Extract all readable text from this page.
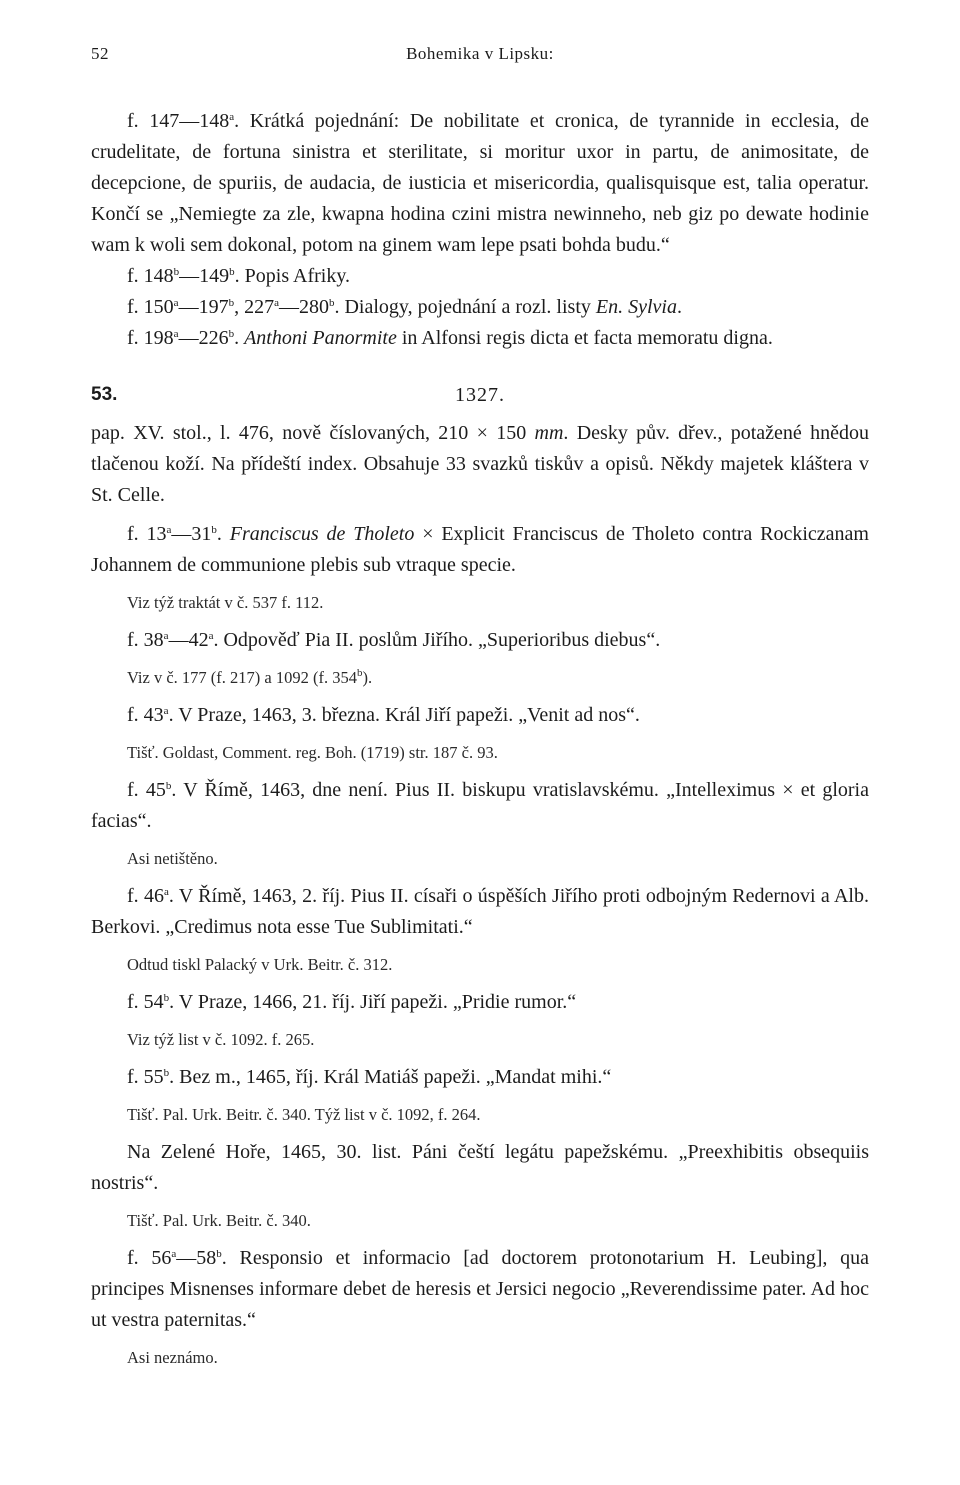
52	Bohemika v Lipsku:

f. 147—148$^a$. Krátká pojednání: De nobilitate et cronica, de tyrannide in ecclesia, de crudelitate, de fortuna sinistra et sterilitate, si moritur uxor in partu, de animositate, de decepcione, de spuriis, de audacia, de iusticia et misericordia, qualisquisque est, talia operatur. Končí se „Nemiegte za zle, kwapna hodina czini mistra newinneho, neb giz po dewate hodinie wam k woli sem dokonal, potom na ginem wam lepe psati bohda budu.“

f. 148$^b$—149$^b$. Popis Afriky.

f. 150$^a$—197$^b$, 227$^a$—280$^b$. Dialogy, pojednání a rozl. listy En. Sylvia.

f. 198$^a$—226$^b$. Anthoni Panormite in Alfonsi regis dicta et facta memoratu digna.

53.	1327.

pap. XV. stol., l. 476, nově číslovaných, 210 × 150 mm. Desky pův. dřev., potažené hnědou tlačenou koží. Na přídeští index. Obsahuje 33 svazků tiskův a opisů. Někdy majetek kláštera v St. Celle.

f. 13$^a$—31$^b$. Franciscus de Tholeto × Explicit Franciscus de Tholeto contra Rockiczanam Johannem de communione plebis sub vtraque specie.

Viz týž traktát v č. 537 f. 112.

f. 38$^a$—42$^a$. Odpověď Pia II. poslům Jiřího. „Superioribus diebus“.

Viz v č. 177 (f. 217) a 1092 (f. 354$^b$).

f. 43$^a$. V Praze, 1463, 3. března. Král Jiří papeži. „Venit ad nos“.

Tišť. Goldast, Comment. reg. Boh. (1719) str. 187 č. 93.

f. 45$^b$. V Římě, 1463, dne není. Pius II. biskupu vratislavskému. „Intelleximus × et gloria facias“.

Asi netištěno.

f. 46$^a$. V Římě, 1463, 2. říj. Pius II. císaři o úspěších Jiřího proti odbojným Redernovi a Alb. Berkovi. „Credimus nota esse Tue Sublimitati.“

Odtud tiskl Palacký v Urk. Beitr. č. 312.

f. 54$^b$. V Praze, 1466, 21. říj. Jiří papeži. „Pridie rumor.“

Viz týž list v č. 1092. f. 265.

f. 55$^b$. Bez m., 1465, říj. Král Matiáš papeži. „Mandat mihi.“

Tišť. Pal. Urk. Beitr. č. 340. Týž list v č. 1092, f. 264.

Na Zelené Hoře, 1465, 30. list. Páni čeští legátu papežskému. „Preexhibitis obsequiis nostris“.

Tišť. Pal. Urk. Beitr. č. 340.

f. 56$^a$—58$^b$. Responsio et informacio [ad doctorem protonotarium H. Leubing], qua principes Misnenses informare debet de heresis et Jersici negocio „Reverendissime pater. Ad hoc ut vestra paternitas.“

Asi neznámo.
